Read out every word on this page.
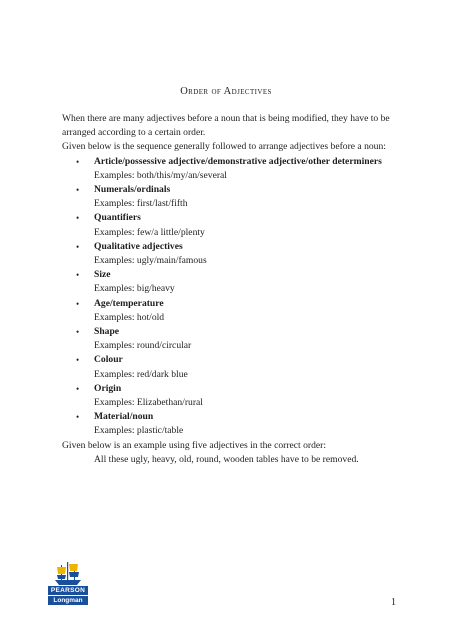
Order of Adjectives

When there are many adjectives before a noun that is being modified, they have to be arranged according to a certain order.

Given below is the sequence generally followed to arrange adjectives before a noun:

• Article/possessive adjective/demonstrative adjective/other determiners
Examples: both/this/my/an/several
• Numerals/ordinals
Examples: first/last/fifth
• Quantifiers
Examples: few/a little/plenty
• Qualitative adjectives
Examples: ugly/main/famous
• Size
Examples: big/heavy
• Age/temperature
Examples: hot/old
• Shape
Examples: round/circular
• Colour
Examples: red/dark blue
• Origin
Examples: Elizabethan/rural
• Material/noun
Examples: plastic/table

Given below is an example using five adjectives in the correct order:

All these ugly, heavy, old, round, wooden tables have to be removed.

PEARSON
Longman	1
